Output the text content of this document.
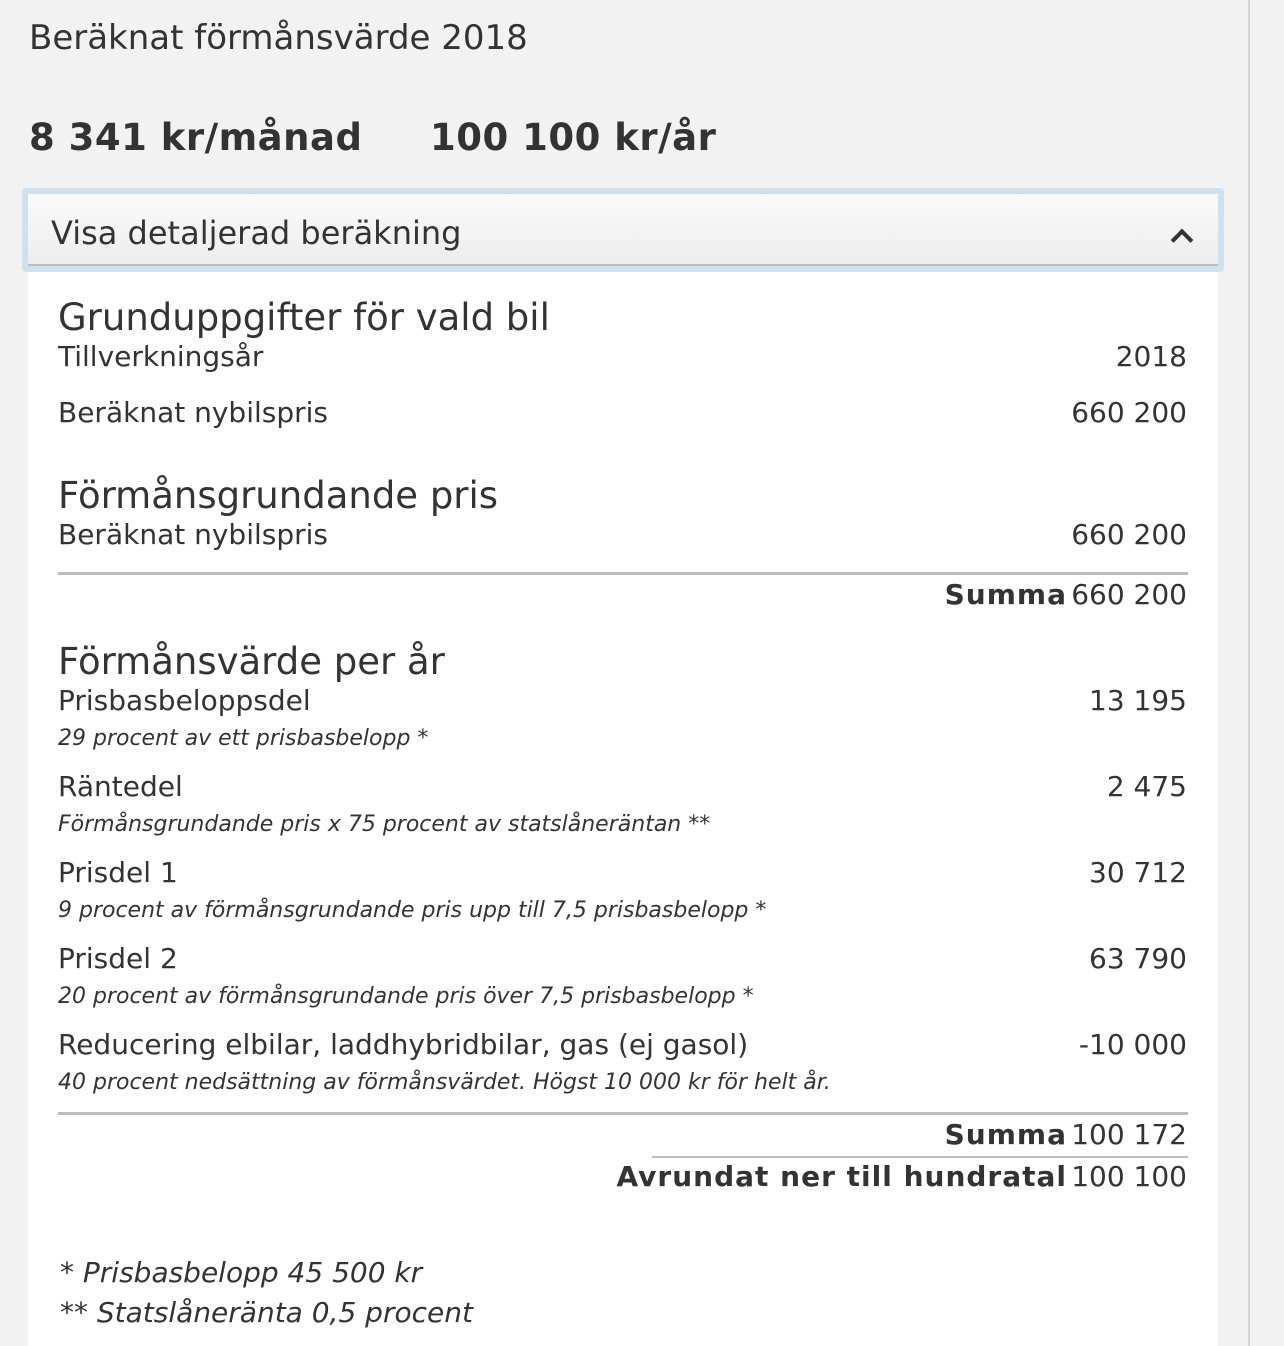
Beräknat förmånsvärde 2018
8 341 kr/månad 100 100 kr/år
Visa detaljerad beräkning
Grunduppgifter för vald bil
Tillverkningsår	2018
Beräknat nybilspris	660 200
Förmånsgrundande pris
Beräknat nybilspris	660 200
Summa 660 200
Förmånsvärde per år
Prisbasbeloppsdel	13 195
29 procent av ett prisbasbelopp *
Räntedel	2 475
Förmånsgrundande pris x 75 procent av statslåneräntan **
Prisdel 1	30 712
9 procent av förmånsgrundande pris upp till 7,5 prisbasbelopp *
Prisdel 2	63 790
20 procent av förmånsgrundande pris över 7,5 prisbasbelopp *
Reducering elbilar, laddhybridbilar, gas (ej gasol)	-10 000
40 procent nedsättning av förmånsvärdet. Högst 10 000 kr för helt år.
Summa 100 172
Avrundat ner till hundratal 100 100
* Prisbasbelopp 45 500 kr
** Statslåneränta 0,5 procent
